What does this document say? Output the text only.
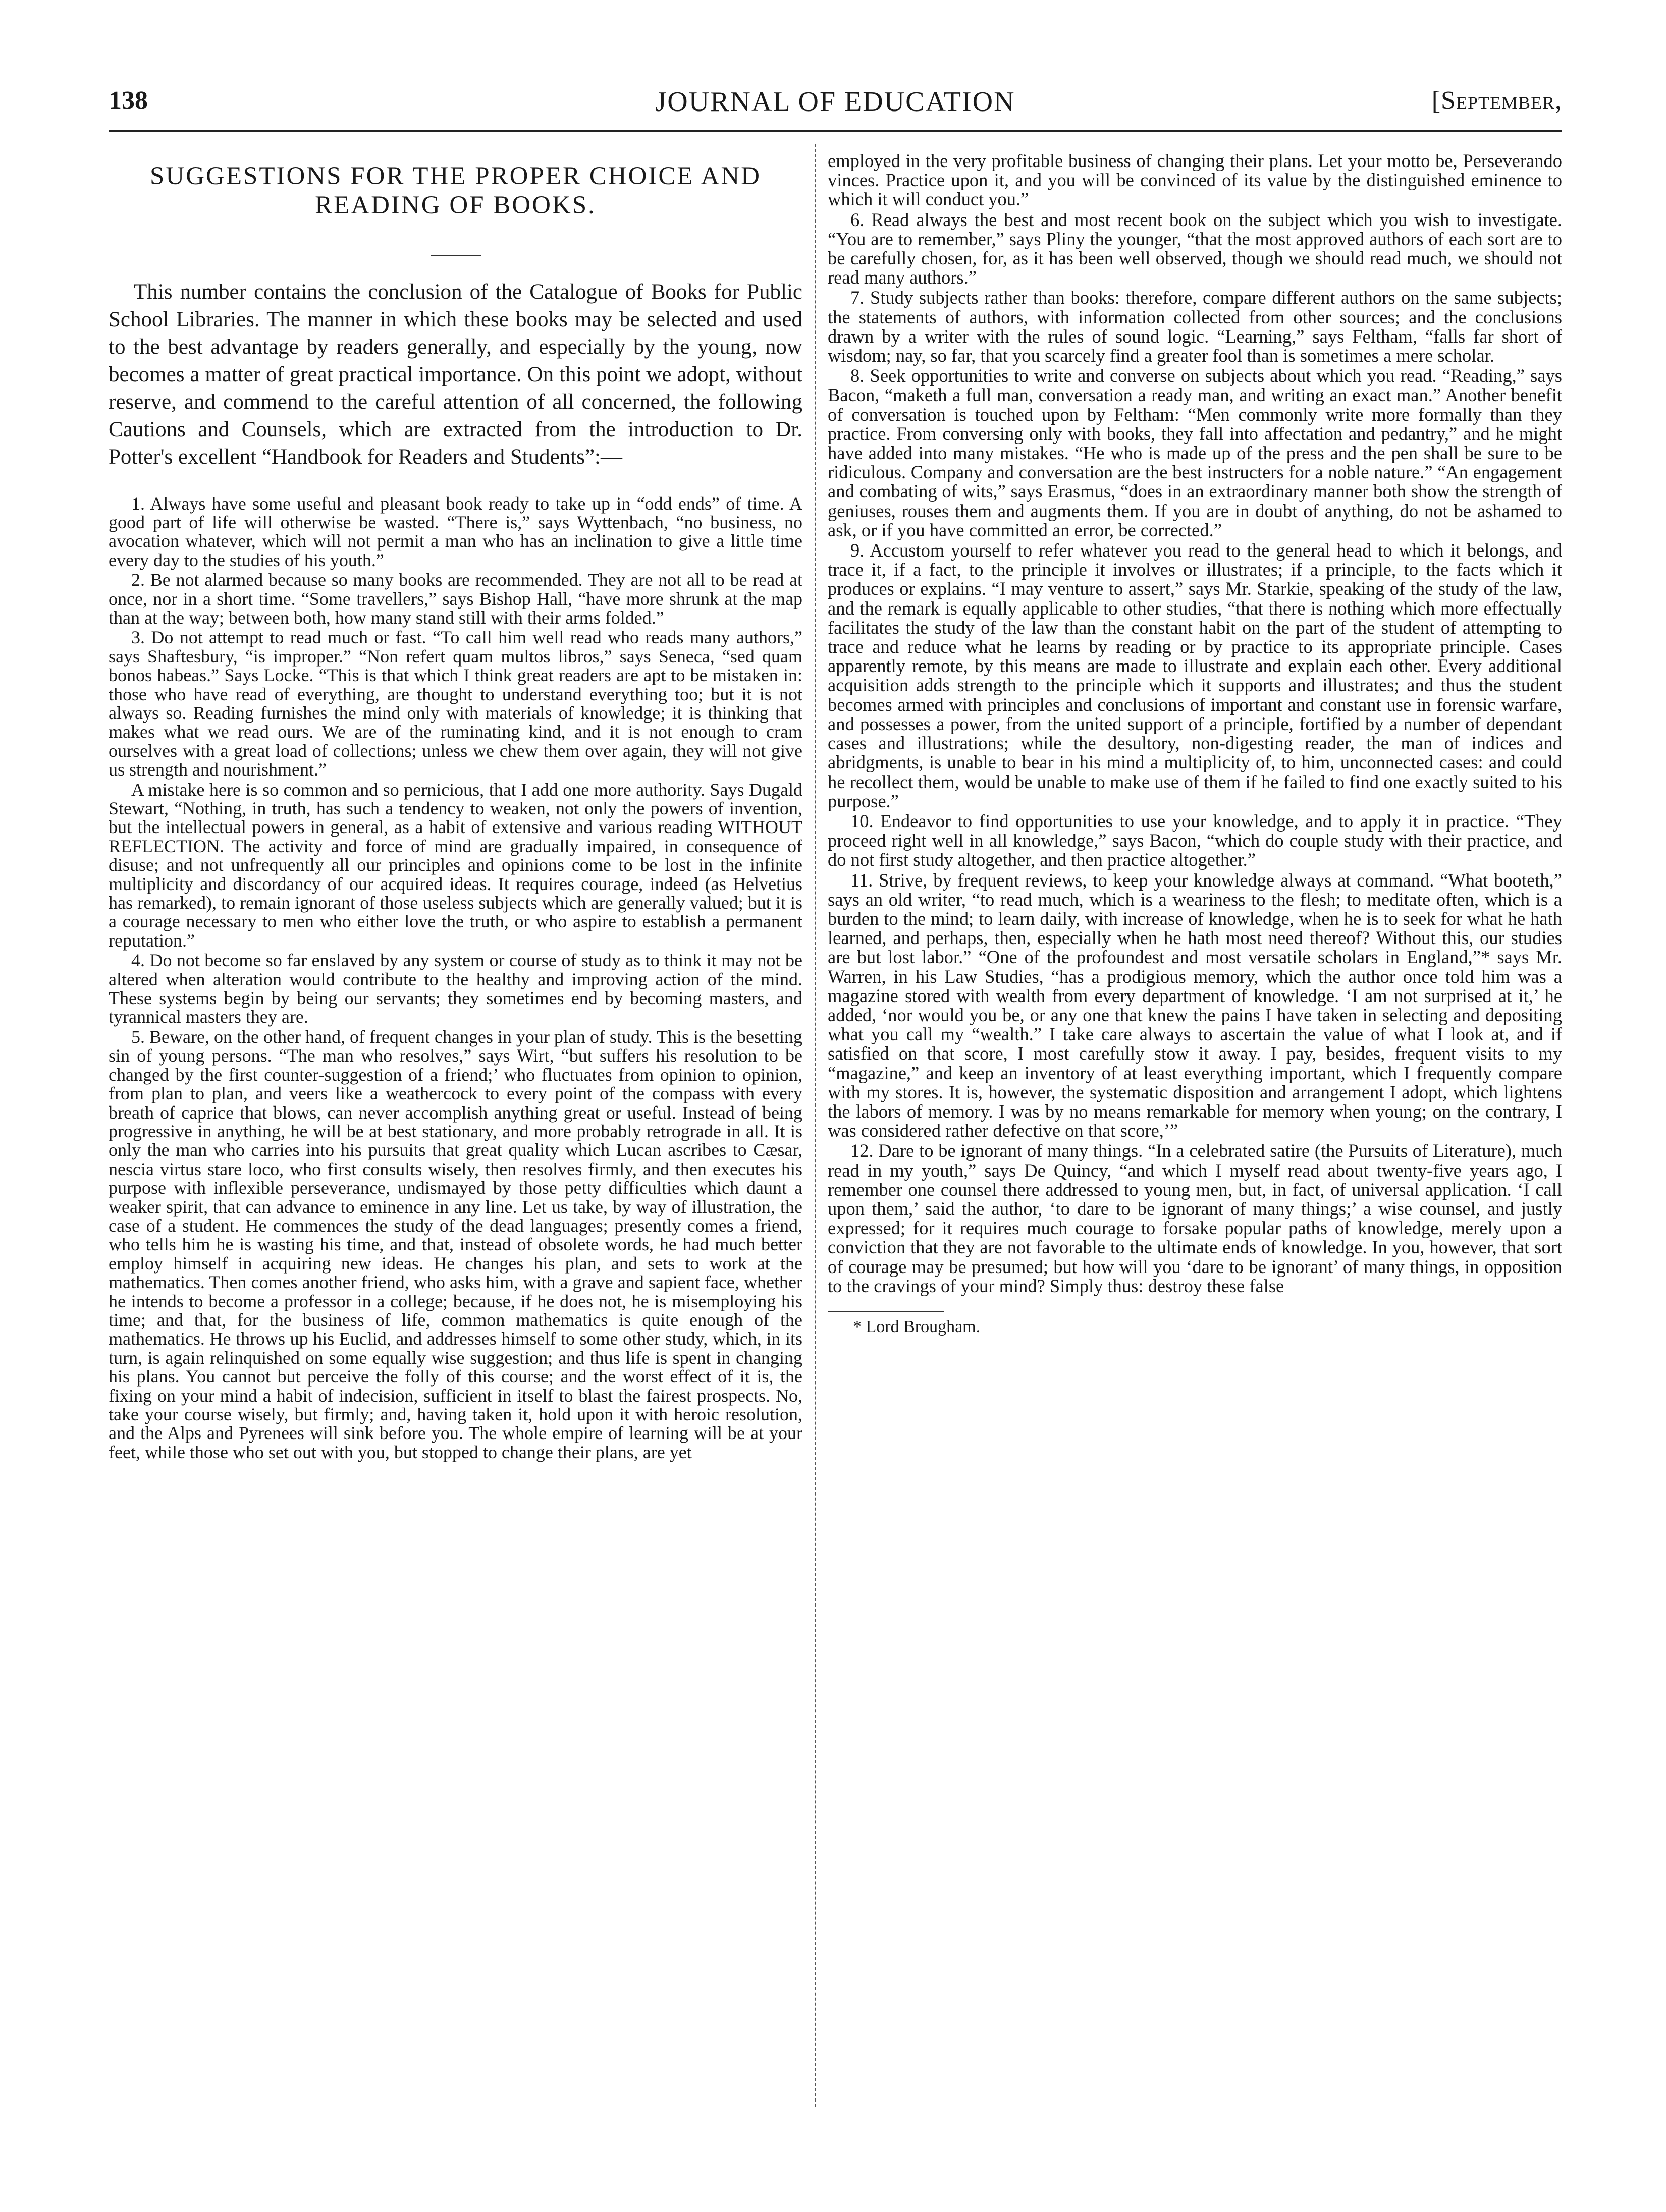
138	JOURNAL OF EDUCATION	[September,
SUGGESTIONS FOR THE PROPER CHOICE AND
READING OF BOOKS.

This number contains the conclusion of the Catalogue of Books for Public School Libraries. The manner in which these books may be selected and used to the best advantage by readers generally, and especially by the young, now becomes a matter of great practical importance. On this point we adopt, without reserve, and commend to the careful attention of all concerned, the following Cautions and Counsels, which are extracted from the introduction to Dr. Potter's excellent “Handbook for Readers and Students”:—

1. Always have some useful and pleasant book ready to take up in “odd ends” of time. A good part of life will otherwise be wasted. “There is,” says Wyttenbach, “no business, no avocation whatever, which will not permit a man who has an inclination to give a little time every day to the studies of his youth.”

2. Be not alarmed because so many books are recommended. They are not all to be read at once, nor in a short time. “Some travellers,” says Bishop Hall, “have more shrunk at the map than at the way; between both, how many stand still with their arms folded.”

3. Do not attempt to read much or fast. “To call him well read who reads many authors,” says Shaftesbury, “is improper.” “Non refert quam multos libros,” says Seneca, “sed quam bonos habeas.” Says Locke. “This is that which I think great readers are apt to be mistaken in: those who have read of everything, are thought to understand everything too; but it is not always so. Reading furnishes the mind only with materials of knowledge; it is thinking that makes what we read ours. We are of the ruminating kind, and it is not enough to cram ourselves with a great load of collections; unless we chew them over again, they will not give us strength and nourishment.”

A mistake here is so common and so pernicious, that I add one more authority. Says Dugald Stewart, “Nothing, in truth, has such a tendency to weaken, not only the powers of invention, but the intellectual powers in general, as a habit of extensive and various reading WITHOUT REFLECTION. The activity and force of mind are gradually impaired, in consequence of disuse; and not unfrequently all our principles and opinions come to be lost in the infinite multiplicity and discordancy of our acquired ideas. It requires courage, indeed (as Helvetius has remarked), to remain ignorant of those useless subjects which are generally valued; but it is a courage necessary to men who either love the truth, or who aspire to establish a permanent reputation.”

4. Do not become so far enslaved by any system or course of study as to think it may not be altered when alteration would contribute to the healthy and improving action of the mind. These systems begin by being our servants; they sometimes end by becoming masters, and tyrannical masters they are.

5. Beware, on the other hand, of frequent changes in your plan of study. This is the besetting sin of young persons. “The man who resolves,” says Wirt, “but suffers his resolution to be changed by the first counter-suggestion of a friend;’ who fluctuates from opinion to opinion, from plan to plan, and veers like a weathercock to every point of the compass with every breath of caprice that blows, can never accomplish anything great or useful. Instead of being progressive in anything, he will be at best stationary, and more probably retrograde in all. It is only the man who carries into his pursuits that great quality which Lucan ascribes to Cæsar, nescia virtus stare loco, who first consults wisely, then resolves firmly, and then executes his purpose with inflexible perseverance, undismayed by those petty difficulties which daunt a weaker spirit, that can advance to eminence in any line. Let us take, by way of illustration, the case of a student. He commences the study of the dead languages; presently comes a friend, who tells him he is wasting his time, and that, instead of obsolete words, he had much better employ himself in acquiring new ideas. He changes his plan, and sets to work at the mathematics. Then comes another friend, who asks him, with a grave and sapient face, whether he intends to become a professor in a college; because, if he does not, he is misemploying his time; and that, for the business of life, common mathematics is quite enough of the mathematics. He throws up his Euclid, and addresses himself to some other study, which, in its turn, is again relinquished on some equally wise suggestion; and thus life is spent in changing his plans. You cannot but perceive the folly of this course; and the worst effect of it is, the fixing on your mind a habit of indecision, sufficient in itself to blast the fairest prospects. No, take your course wisely, but firmly; and, having taken it, hold upon it with heroic resolution, and the Alps and Pyrenees will sink before you. The whole empire of learning will be at your feet, while those who set out with you, but stopped to change their plans, are yet

employed in the very profitable business of changing their plans. Let your motto be, Perseverando vinces. Practice upon it, and you will be convinced of its value by the distinguished eminence to which it will conduct you.”

6. Read always the best and most recent book on the subject which you wish to investigate. “You are to remember,” says Pliny the younger, “that the most approved authors of each sort are to be carefully chosen, for, as it has been well observed, though we should read much, we should not read many authors.”

7. Study subjects rather than books: therefore, compare different authors on the same subjects; the statements of authors, with information collected from other sources; and the conclusions drawn by a writer with the rules of sound logic. “Learning,” says Feltham, “falls far short of wisdom; nay, so far, that you scarcely find a greater fool than is sometimes a mere scholar.

8. Seek opportunities to write and converse on subjects about which you read. “Reading,” says Bacon, “maketh a full man, conversation a ready man, and writing an exact man.” Another benefit of conversation is touched upon by Feltham: “Men commonly write more formally than they practice. From conversing only with books, they fall into affectation and pedantry,” and he might have added into many mistakes. “He who is made up of the press and the pen shall be sure to be ridiculous. Company and conversation are the best instructers for a noble nature.” “An engagement and combating of wits,” says Erasmus, “does in an extraordinary manner both show the strength of geniuses, rouses them and augments them. If you are in doubt of anything, do not be ashamed to ask, or if you have committed an error, be corrected.”

9. Accustom yourself to refer whatever you read to the general head to which it belongs, and trace it, if a fact, to the principle it involves or illustrates; if a principle, to the facts which it produces or explains. “I may venture to assert,” says Mr. Starkie, speaking of the study of the law, and the remark is equally applicable to other studies, “that there is nothing which more effectually facilitates the study of the law than the constant habit on the part of the student of attempting to trace and reduce what he learns by reading or by practice to its appropriate principle. Cases apparently remote, by this means are made to illustrate and explain each other. Every additional acquisition adds strength to the principle which it supports and illustrates; and thus the student becomes armed with principles and conclusions of important and constant use in forensic warfare, and possesses a power, from the united support of a principle, fortified by a number of dependant cases and illustrations; while the desultory, non-digesting reader, the man of indices and abridgments, is unable to bear in his mind a multiplicity of, to him, unconnected cases: and could he recollect them, would be unable to make use of them if he failed to find one exactly suited to his purpose.”

10. Endeavor to find opportunities to use your knowledge, and to apply it in practice. “They proceed right well in all knowledge,” says Bacon, “which do couple study with their practice, and do not first study altogether, and then practice altogether.”

11. Strive, by frequent reviews, to keep your knowledge always at command. “What booteth,” says an old writer, “to read much, which is a weariness to the flesh; to meditate often, which is a burden to the mind; to learn daily, with increase of knowledge, when he is to seek for what he hath learned, and perhaps, then, especially when he hath most need thereof? Without this, our studies are but lost labor.” “One of the profoundest and most versatile scholars in England,”* says Mr. Warren, in his Law Studies, “has a prodigious memory, which the author once told him was a magazine stored with wealth from every department of knowledge. ‘I am not surprised at it,’ he added, ‘nor would you be, or any one that knew the pains I have taken in selecting and depositing what you call my “wealth.” I take care always to ascertain the value of what I look at, and if satisfied on that score, I most carefully stow it away. I pay, besides, frequent visits to my “magazine,” and keep an inventory of at least everything important, which I frequently compare with my stores. It is, however, the systematic disposition and arrangement I adopt, which lightens the labors of memory. I was by no means remarkable for memory when young; on the contrary, I was considered rather defective on that score,’”

12. Dare to be ignorant of many things. “In a celebrated satire (the Pursuits of Literature), much read in my youth,” says De Quincy, “and which I myself read about twenty-five years ago, I remember one counsel there addressed to young men, but, in fact, of universal application. ‘I call upon them,’ said the author, ‘to dare to be ignorant of many things;’ a wise counsel, and justly expressed; for it requires much courage to forsake popular paths of knowledge, merely upon a conviction that they are not favorable to the ultimate ends of knowledge. In you, however, that sort of courage may be presumed; but how will you ‘dare to be ignorant’ of many things, in opposition to the cravings of your mind? Simply thus: destroy these false

* Lord Brougham.
